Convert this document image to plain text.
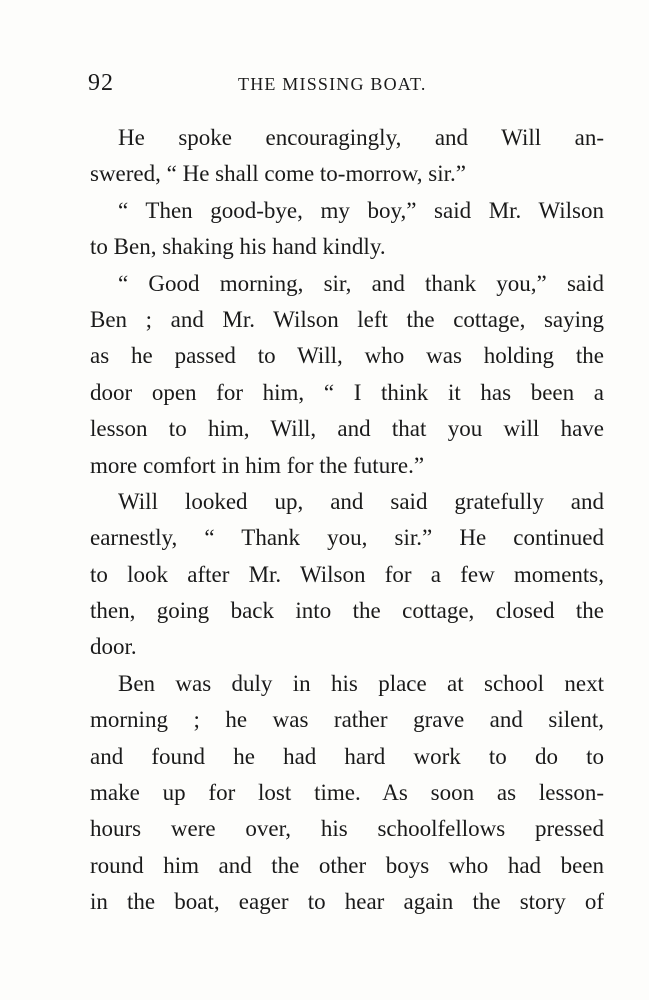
92	THE MISSING BOAT.
He spoke encouragingly, and Will an-
swered, “ He shall come to-morrow, sir.”
“ Then good-bye, my boy,” said Mr. Wilson
to Ben, shaking his hand kindly.
“ Good morning, sir, and thank you,” said
Ben ; and Mr. Wilson left the cottage, saying
as he passed to Will, who was holding the
door open for him, “ I think it has been a
lesson to him, Will, and that you will have
more comfort in him for the future.”
Will looked up, and said gratefully and
earnestly, “ Thank you, sir.” He continued
to look after Mr. Wilson for a few moments,
then, going back into the cottage, closed the
door.
Ben was duly in his place at school next
morning ; he was rather grave and silent,
and found he had hard work to do to
make up for lost time. As soon as lesson-
hours were over, his schoolfellows pressed
round him and the other boys who had been
in the boat, eager to hear again the story of
